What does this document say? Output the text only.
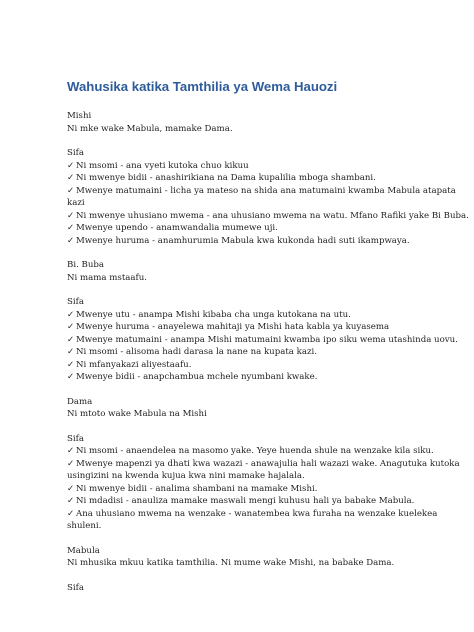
Wahusika katika Tamthilia ya Wema Hauozi
Mishi
Ni mke wake Mabula, mamake Dama.
Sifa
✓ Ni msomi - ana vyeti kutoka chuo kikuu
✓ Ni mwenye bidii - anashirikiana na Dama kupalilia mboga shambani.
✓ Mwenye matumaini - licha ya mateso na shida ana matumaini kwamba Mabula atapata
kazi
✓ Ni mwenye uhusiano mwema - ana uhusiano mwema na watu. Mfano Rafiki yake Bi Buba.
✓ Mwenye upendo - anamwandalia mumewe uji.
✓ Mwenye huruma - anamhurumia Mabula kwa kukonda hadi suti ikampwaya.
Bi. Buba
Ni mama mstaafu.
Sifa
✓ Mwenye utu - anampa Mishi kibaba cha unga kutokana na utu.
✓ Mwenye huruma - anayelewa mahitaji ya Mishi hata kabla ya kuyasema
✓ Mwenye matumaini - anampa Mishi matumaini kwamba ipo siku wema utashinda uovu.
✓ Ni msomi - alisoma hadi darasa la nane na kupata kazi.
✓ Ni mfanyakazi aliyestaafu.
✓ Mwenye bidii - anapchambua mchele nyumbani kwake.
Dama
Ni mtoto wake Mabula na Mishi
Sifa
✓ Ni msomi - anaendelea na masomo yake. Yeye huenda shule na wenzake kila siku.
✓ Mwenye mapenzi ya dhati kwa wazazi - anawajulia hali wazazi wake. Anagutuka kutoka
usingizini na kwenda kujua kwa nini mamake hajalala.
✓ Ni mwenye bidii - analima shambani na mamake Mishi.
✓ Ni mdadisi - anauliza mamake maswali mengi kuhusu hali ya babake Mabula.
✓ Ana uhusiano mwema na wenzake - wanatembea kwa furaha na wenzake kuelekea
shuleni.
Mabula
Ni mhusika mkuu katika tamthilia. Ni mume wake Mishi, na babake Dama.
Sifa
